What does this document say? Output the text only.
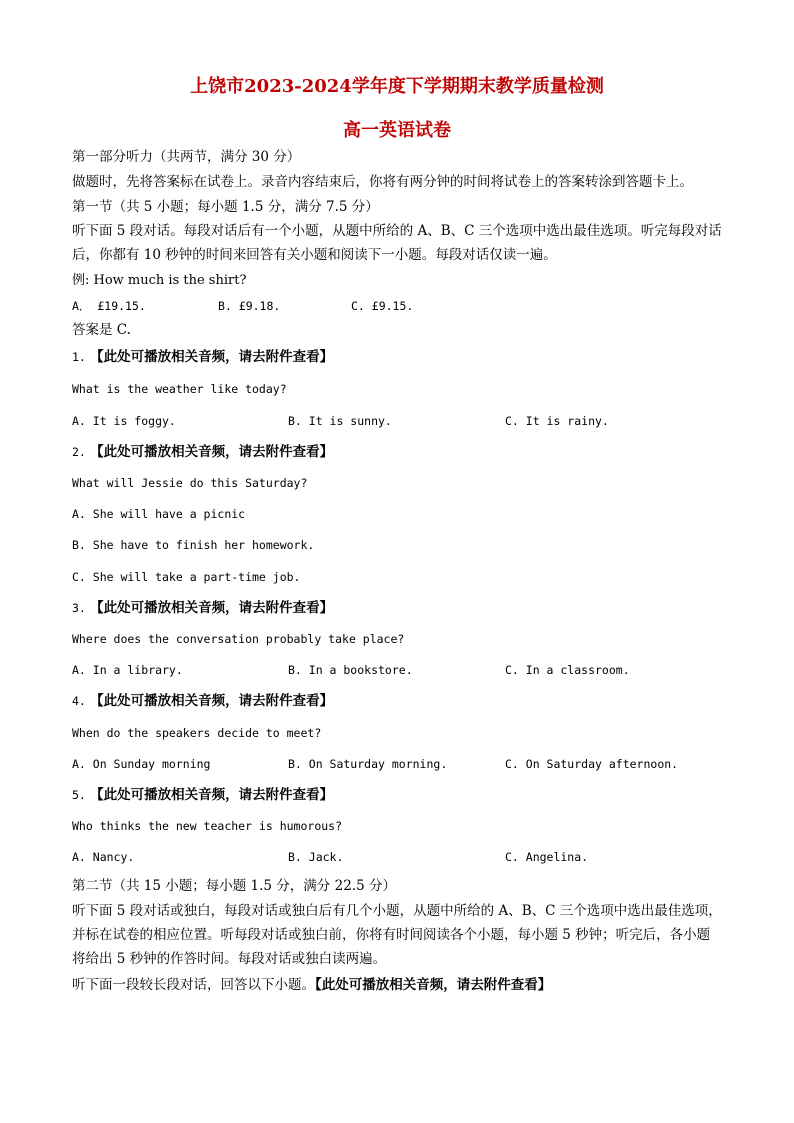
上饶市2023-2024学年度下学期期末教学质量检测
高一英语试卷
第一部分听力（共两节，满分 30 分）
做题时，先将答案标在试卷上。录音内容结束后，你将有两分钟的时间将试卷上的答案转涂到答题卡上。
第一节（共 5 小题；每小题 1.5 分，满分 7.5 分）
听下面 5 段对话。每段对话后有一个小题，从题中所给的 A、B、C 三个选项中选出最佳选项。听完每段对话
后，你都有 10 秒钟的时间来回答有关小题和阅读下一小题。每段对话仅读一遍。
例: How much is the shirt?
A． £19.15.	B. £9.18.	C. £9.15.
答案是 C.
1. 【此处可播放相关音频，请去附件查看】
What is the weather like today?
A. It is foggy.	B. It is sunny.	C. It is rainy.
2. 【此处可播放相关音频，请去附件查看】
What will Jessie do this Saturday?
A. She will have a picnic
B. She have to finish her homework.
C. She will take a part-time job.
3. 【此处可播放相关音频，请去附件查看】
Where does the conversation probably take place?
A. In a library.	B. In a bookstore.	C. In a classroom.
4. 【此处可播放相关音频，请去附件查看】
When do the speakers decide to meet?
A. On Sunday morning	B. On Saturday morning.	C. On Saturday afternoon.
5. 【此处可播放相关音频，请去附件查看】
Who thinks the new teacher is humorous?
A. Nancy.	B. Jack.	C. Angelina.
第二节（共 15 小题；每小题 1.5 分，满分 22.5 分）
听下面 5 段对话或独白，每段对话或独白后有几个小题，从题中所给的 A、B、C 三个选项中选出最佳选项，
并标在试卷的相应位置。听每段对话或独白前，你将有时间阅读各个小题，每小题 5 秒钟；听完后，各小题
将给出 5 秒钟的作答时间。每段对话或独白读两遍。
听下面一段较长段对话，回答以下小题。【此处可播放相关音频，请去附件查看】
